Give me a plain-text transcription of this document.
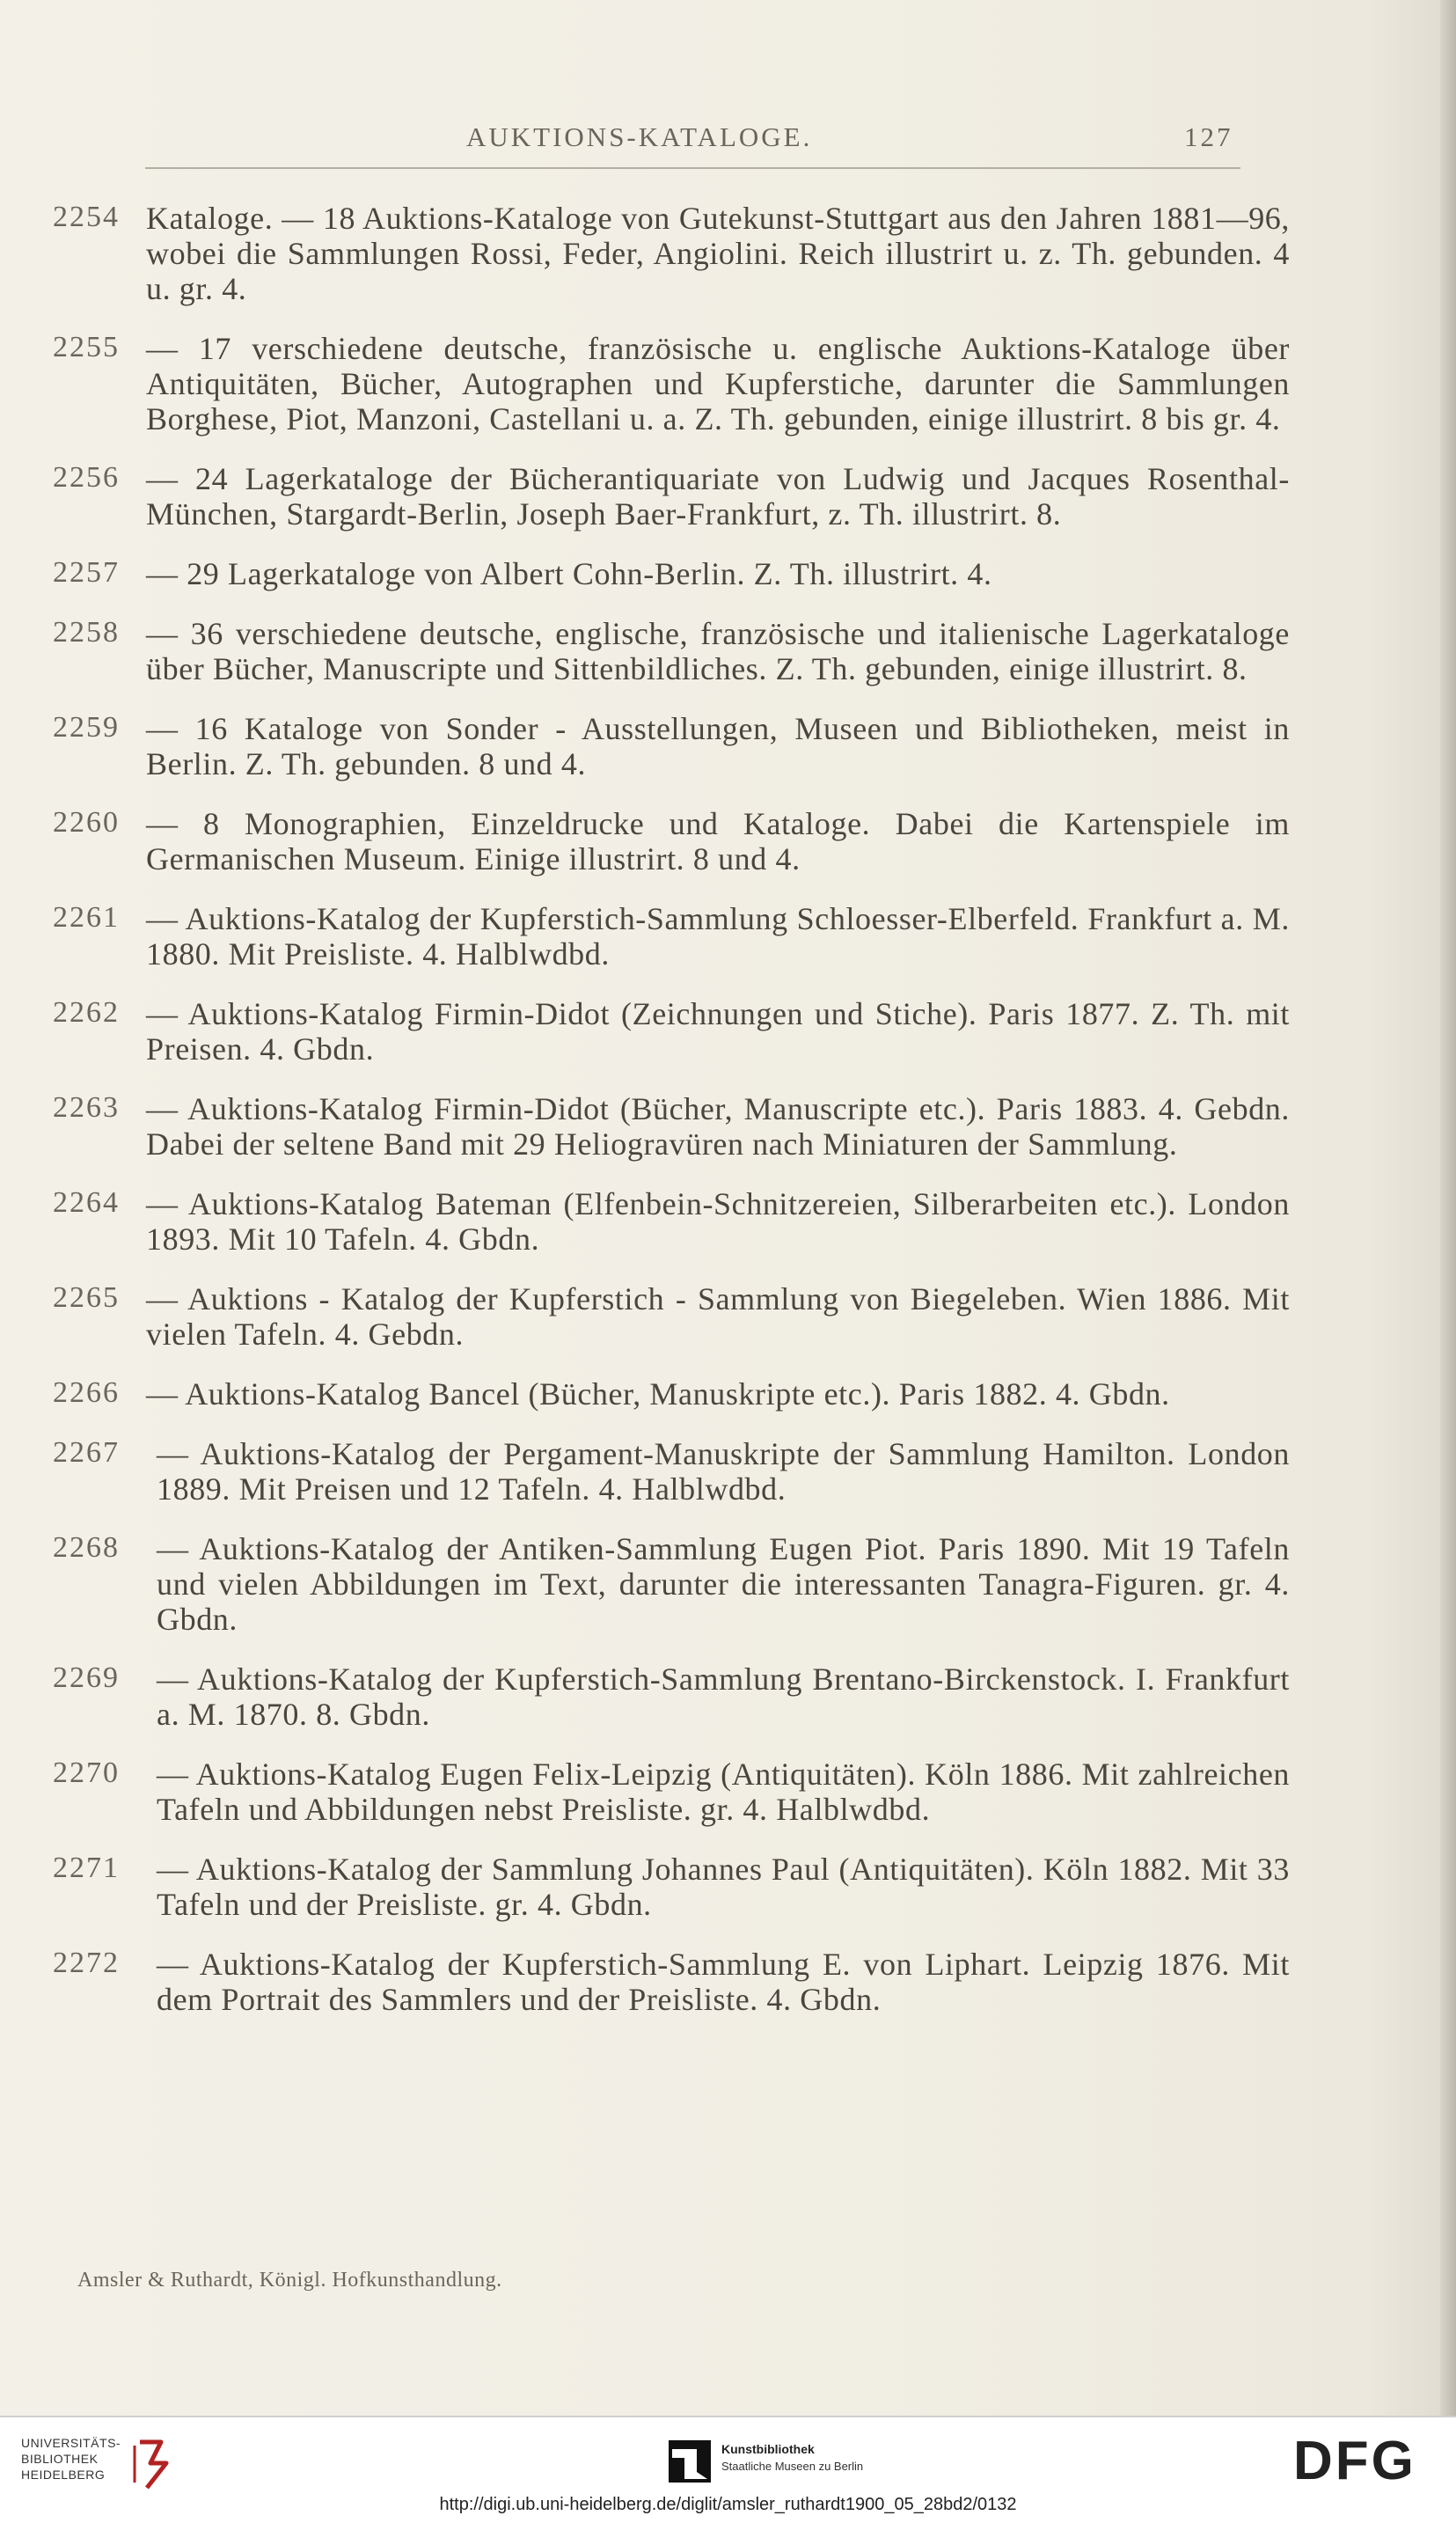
AUKTIONS-KATALOGE.	127
2254 Kataloge. — 18 Auktions-Kataloge von Gutekunst-Stuttgart aus den Jahren 1881—96, wobei die Sammlungen Rossi, Feder, Angiolini. Reich illustrirt u. z. Th. gebunden. 4 u. gr. 4.
2255 — 17 verschiedene deutsche, französische u. englische Auktions-Kataloge über Antiquitäten, Bücher, Autographen und Kupferstiche, darunter die Sammlungen Borghese, Piot, Manzoni, Castellani u. a. Z. Th. gebunden, einige illustrirt. 8 bis gr. 4.
2256 — 24 Lagerkataloge der Bücherantiquariate von Ludwig und Jacques Rosenthal-München, Stargardt-Berlin, Joseph Baer-Frankfurt, z. Th. illustrirt. 8.
2257 — 29 Lagerkataloge von Albert Cohn-Berlin. Z. Th. illustrirt. 4.
2258 — 36 verschiedene deutsche, englische, französische und italienische Lagerkataloge über Bücher, Manuscripte und Sittenbildliches. Z. Th. gebunden, einige illustrirt. 8.
2259 — 16 Kataloge von Sonder - Ausstellungen, Museen und Bibliotheken, meist in Berlin. Z. Th. gebunden. 8 und 4.
2260 — 8 Monographien, Einzeldrucke und Kataloge. Dabei die Kartenspiele im Germanischen Museum. Einige illustrirt. 8 und 4.
2261 — Auktions-Katalog der Kupferstich-Sammlung Schloesser-Elberfeld. Frankfurt a. M. 1880. Mit Preisliste. 4. Halblwdbd.
2262 — Auktions-Katalog Firmin-Didot (Zeichnungen und Stiche). Paris 1877. Z. Th. mit Preisen. 4. Gbdn.
2263 — Auktions-Katalog Firmin-Didot (Bücher, Manuscripte etc.). Paris 1883. 4. Gebdn. Dabei der seltene Band mit 29 Heliogravüren nach Miniaturen der Sammlung.
2264 — Auktions-Katalog Bateman (Elfenbein-Schnitzereien, Silberarbeiten etc.). London 1893. Mit 10 Tafeln. 4. Gbdn.
2265 — Auktions - Katalog der Kupferstich - Sammlung von Biegeleben. Wien 1886. Mit vielen Tafeln. 4. Gebdn.
2266 — Auktions-Katalog Bancel (Bücher, Manuskripte etc.). Paris 1882. 4. Gbdn.
2267	— Auktions-Katalog der Pergament-Manuskripte der Sammlung Hamilton. London 1889. Mit Preisen und 12 Tafeln. 4. Halblwdbd.
2268	— Auktions-Katalog der Antiken-Sammlung Eugen Piot. Paris 1890. Mit 19 Tafeln und vielen Abbildungen im Text, darunter die interessanten Tanagra-Figuren. gr. 4. Gbdn.
2269	— Auktions-Katalog der Kupferstich-Sammlung Brentano-Birckenstock. I. Frankfurt a. M. 1870. 8. Gbdn.
2270	— Auktions-Katalog Eugen Felix-Leipzig (Antiquitäten). Köln 1886. Mit zahlreichen Tafeln und Abbildungen nebst Preisliste. gr. 4. Halblwdbd.
2271	— Auktions-Katalog der Sammlung Johannes Paul (Antiquitäten). Köln 1882. Mit 33 Tafeln und der Preisliste. gr. 4. Gbdn.
2272	— Auktions-Katalog der Kupferstich-Sammlung E. von Liphart. Leipzig 1876. Mit dem Portrait des Sammlers und der Preisliste. 4. Gbdn.
Amsler & Ruthardt, Königl. Hofkunsthandlung.
UNIVERSITÄTS-
BIBLIOTHEK
HEIDELBERG
Kunstbibliothek
Staatliche Museen zu Berlin	DFG
http://digi.ub.uni-heidelberg.de/diglit/amsler_ruthardt1900_05_28bd2/0132
